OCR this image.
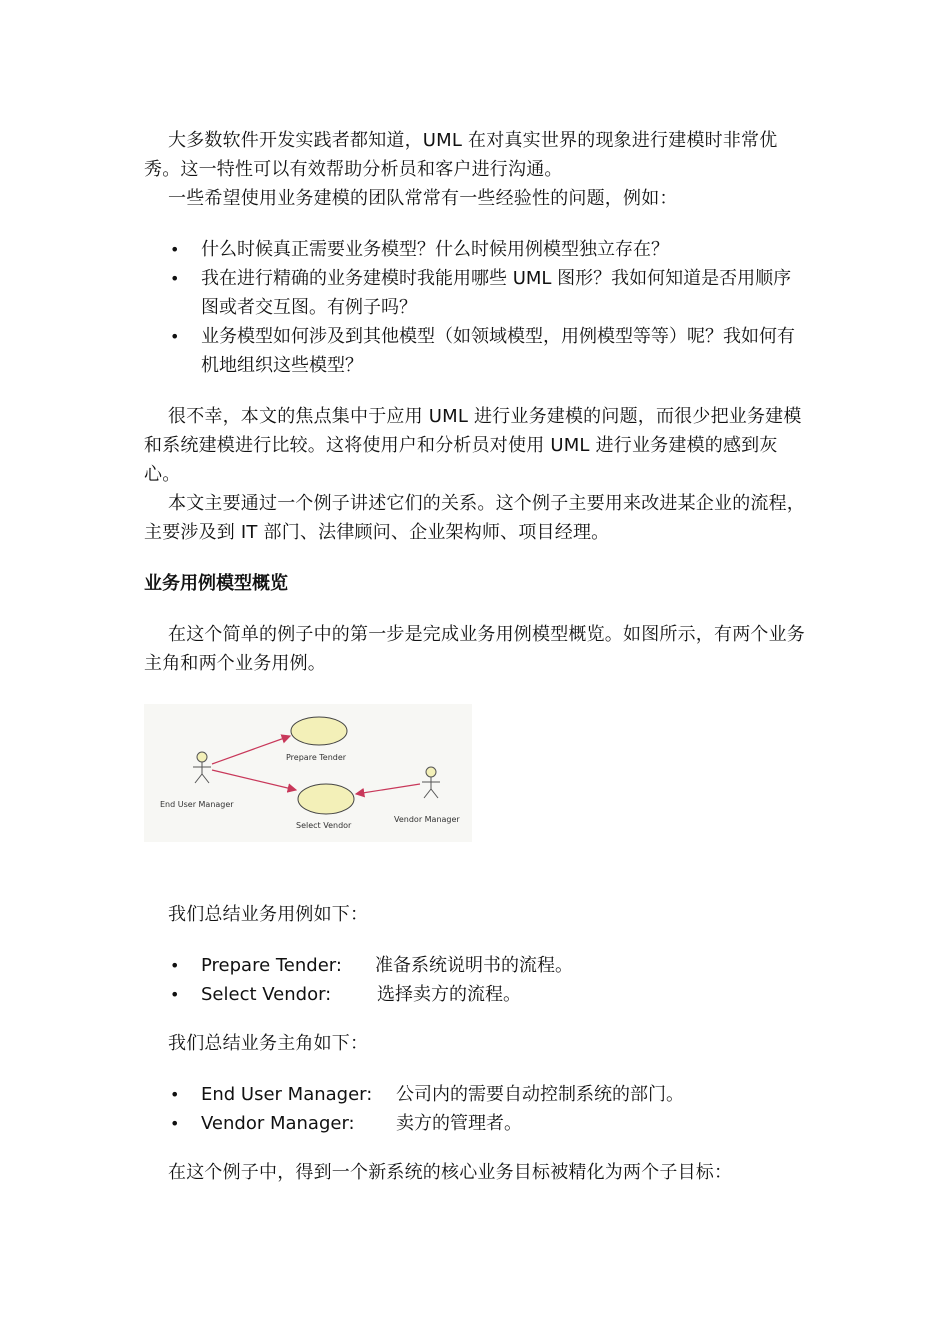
大多数软件开发实践者都知道，UML 在对真实世界的现象进行建模时非常优秀。这一特性可以有效帮助分析员和客户进行沟通。

一些希望使用业务建模的团队常常有一些经验性的问题，例如：

• 什么时候真正需要业务模型？什么时候用例模型独立存在？
• 我在进行精确的业务建模时我能用哪些 UML 图形？我如何知道是否用顺序图或者交互图。有例子吗？
• 业务模型如何涉及到其他模型（如领域模型，用例模型等等）呢？我如何有机地组织这些模型？

很不幸，本文的焦点集中于应用 UML 进行业务建模的问题，而很少把业务建模和系统建模进行比较。这将使用户和分析员对使用 UML 进行业务建模的感到灰心。

本文主要通过一个例子讲述它们的关系。这个例子主要用来改进某企业的流程，主要涉及到 IT 部门、法律顾问、企业架构师、项目经理。

业务用例模型概览

在这个简单的例子中的第一步是完成业务用例模型概览。如图所示，有两个业务主角和两个业务用例。

End User Manager
Prepare Tender
Select Vendor
Vendor Manager

我们总结业务用例如下：

• Prepare Tender: 准备系统说明书的流程。
• Select Vendor:	选择卖方的流程。

我们总结业务主角如下：

• End User Manager: 公司内的需要自动控制系统的部门。
• Vendor Manager: 卖方的管理者。

在这个例子中，得到一个新系统的核心业务目标被精化为两个子目标：
